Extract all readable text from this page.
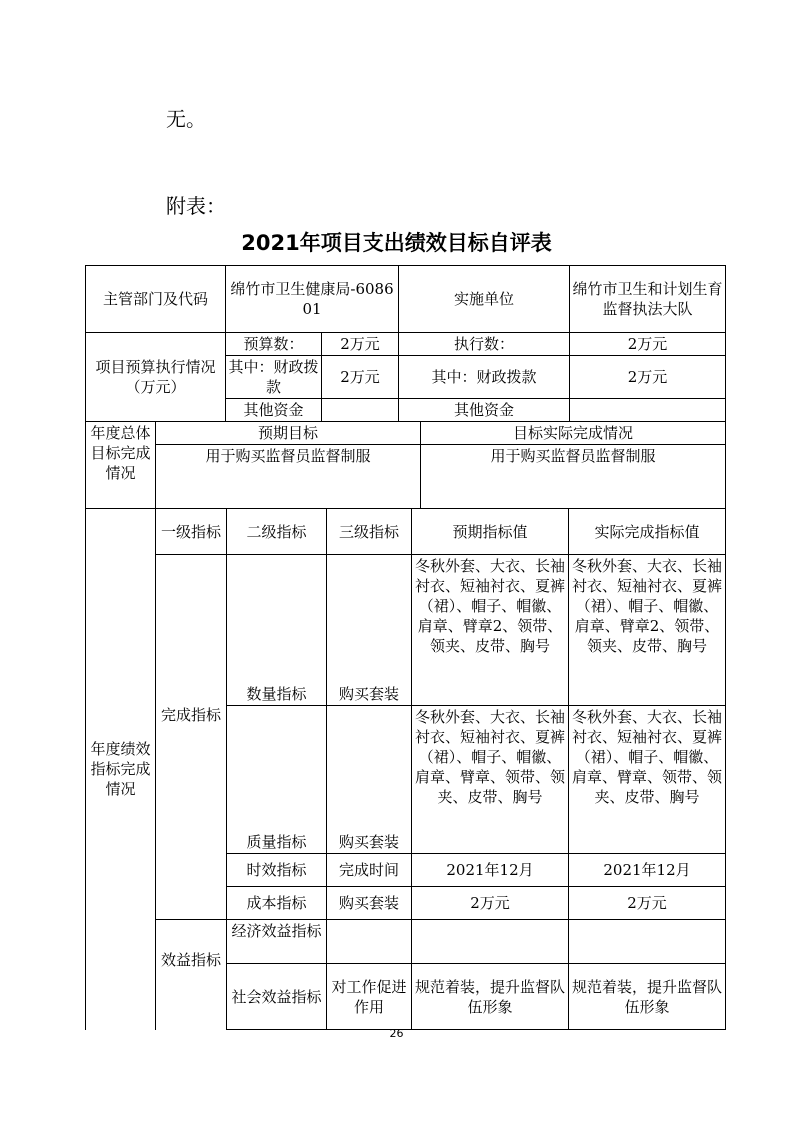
无。
附表：
2021年项目支出绩效目标自评表
主管部门及代码	绵竹市卫生健康局-608601		实施单位	绵竹市卫生和计划生育监督执法大队
项目预算执行情况（万元）	预算数：	2万元	执行数：	2万元
	其中：财政拨款	2万元	其中：财政拨款	2万元
	其他资金		其他资金	
年度总体目标完成情况	预期目标	目标实际完成情况
	用于购买监督员监督制服	用于购买监督员监督制服
年度绩效指标完成情况	一级指标	二级指标	三级指标	预期指标值	实际完成指标值
	完成指标	数量指标	购买套装	冬秋外套、大衣、长袖衬衣、短袖衬衣、夏裤（裙）、帽子、帽徽、肩章、臂章2、领带、领夹、皮带、胸号	冬秋外套、大衣、长袖衬衣、短袖衬衣、夏裤（裙）、帽子、帽徽、肩章、臂章2、领带、领夹、皮带、胸号
		质量指标	购买套装	冬秋外套、大衣、长袖衬衣、短袖衬衣、夏裤（裙）、帽子、帽徽、肩章、臂章、领带、领夹、皮带、胸号	冬秋外套、大衣、长袖衬衣、短袖衬衣、夏裤（裙）、帽子、帽徽、肩章、臂章、领带、领夹、皮带、胸号
		时效指标	完成时间	2021年12月	2021年12月
		成本指标	购买套装	2万元	2万元
	效益指标	经济效益指标			
		社会效益指标	对工作促进作用	规范着装，提升监督队伍形象	规范着装，提升监督队伍形象
26
